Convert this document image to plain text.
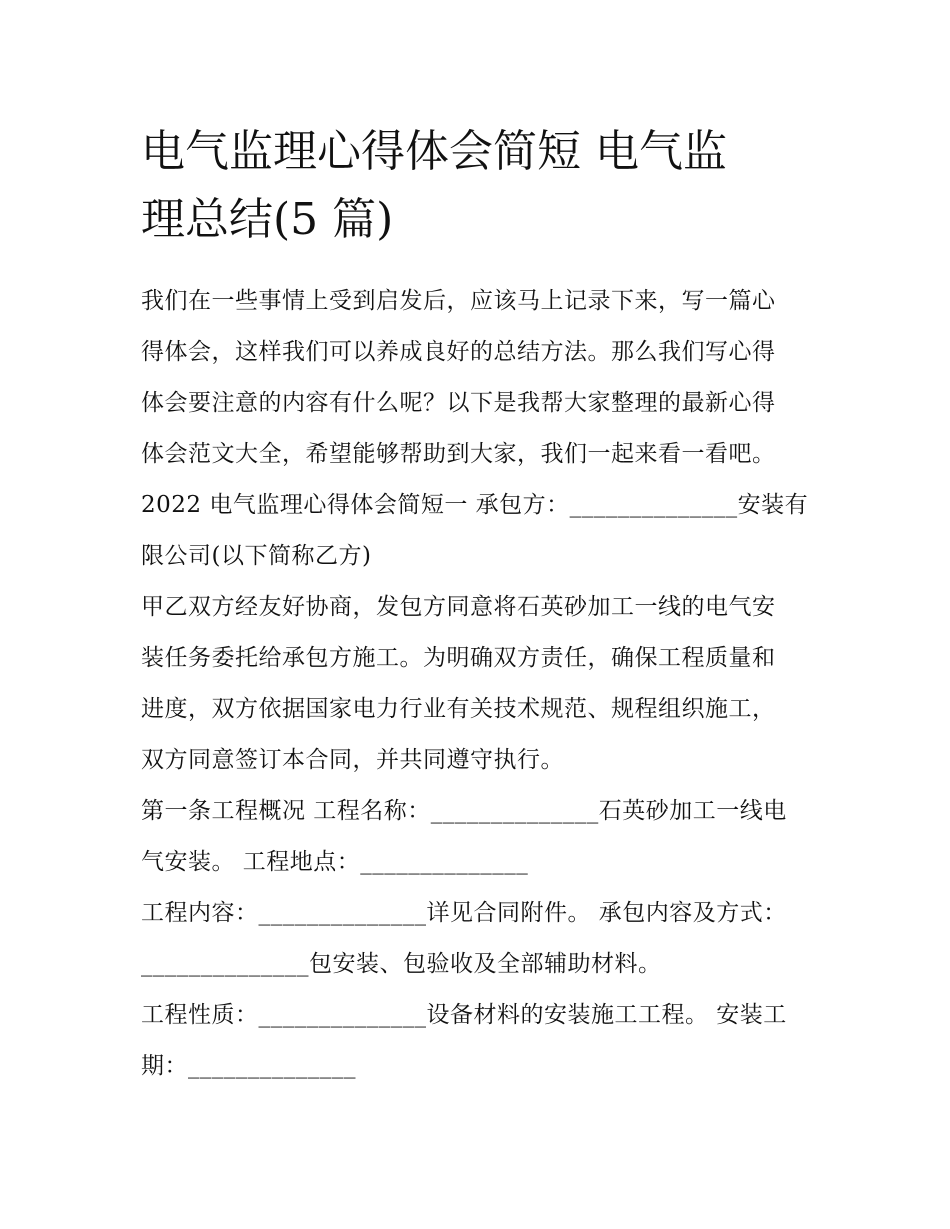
电气监理心得体会简短 电气监
理总结(5 篇)

我们在一些事情上受到启发后，应该马上记录下来，写一篇心
得体会，这样我们可以养成良好的总结方法。那么我们写心得
体会要注意的内容有什么呢？以下是我帮大家整理的最新心得
体会范文大全，希望能够帮助到大家，我们一起来看一看吧。

2022 电气监理心得体会简短一 承包方：______________安装有
限公司(以下简称乙方)

甲乙双方经友好协商，发包方同意将石英砂加工一线的电气安
装任务委托给承包方施工。为明确双方责任，确保工程质量和
进度，双方依据国家电力行业有关技术规范、规程组织施工，
双方同意签订本合同，并共同遵守执行。

第一条工程概况 工程名称：______________石英砂加工一线电
气安装。 工程地点：______________

工程内容：______________详见合同附件。 承包内容及方式：
______________包安装、包验收及全部辅助材料。

工程性质：______________设备材料的安装施工工程。 安装工
期：______________
